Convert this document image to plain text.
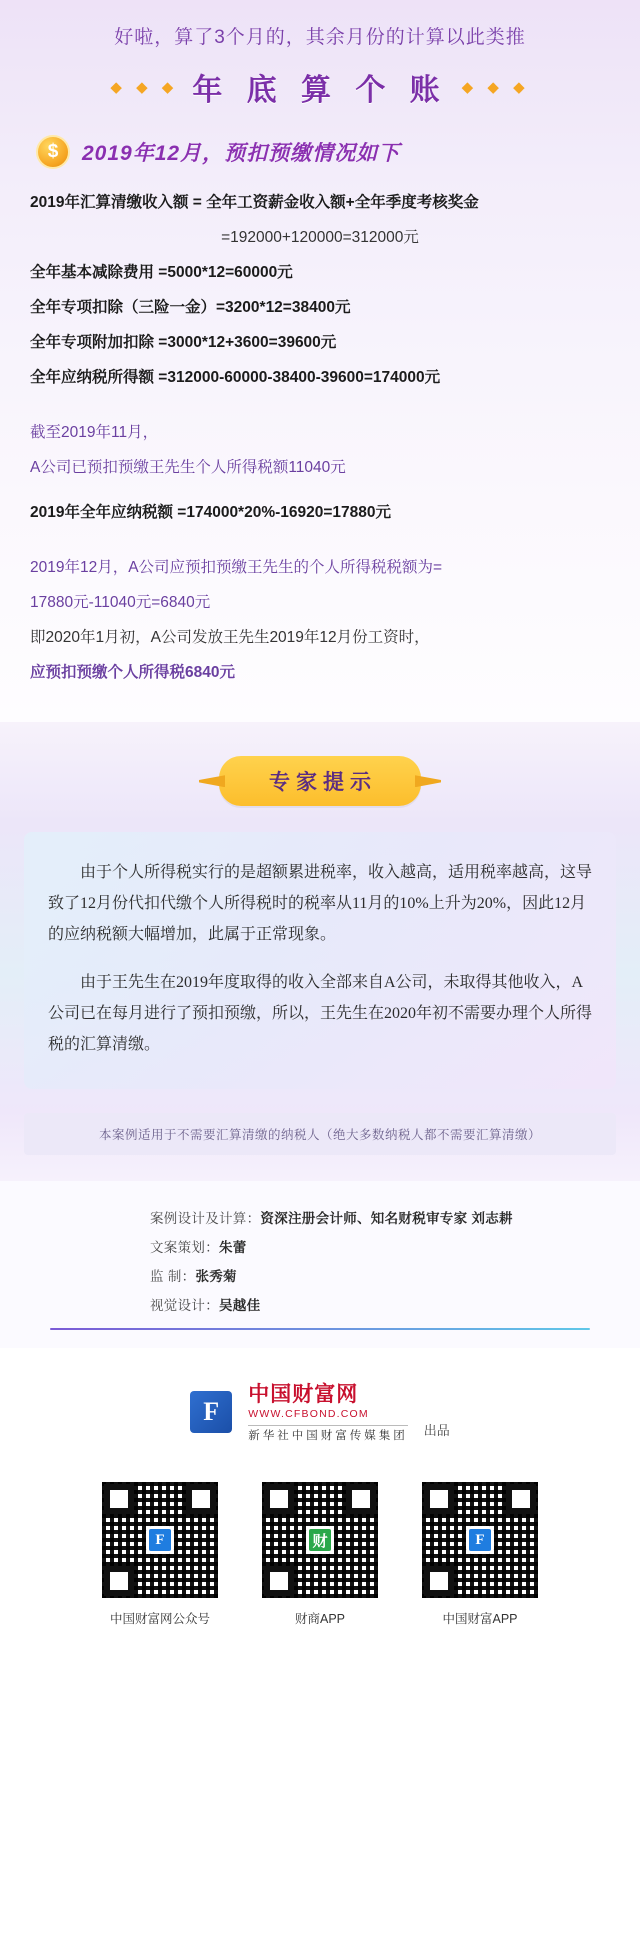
好啦，算了3个月的，其余月份的计算以此类推
◆ ◆ ◆ 年 底 算 个 账 ◆ ◆ ◆
$	2019年12月，预扣预缴情况如下
2019年汇算清缴收入额 = 全年工资薪金收入额+全年季度考核奖金
=192000+120000=312000元
全年基本减除费用 =5000*12=60000元
全年专项扣除（三险一金）=3200*12=38400元
全年专项附加扣除 =3000*12+3600=39600元
全年应纳税所得额 =312000-60000-38400-39600=174000元
截至2019年11月，
A公司已预扣预缴王先生个人所得税额11040元
2019年全年应纳税额 =174000*20%-16920=17880元
2019年12月，A公司应预扣预缴王先生的个人所得税税额为=
17880元-11040元=6840元
即2020年1月初，A公司发放王先生2019年12月份工资时，
应预扣预缴个人所得税6840元
专家提示

由于个人所得税实行的是超额累进税率，收入越高，适用税率越高，这导致了12月份代扣代缴个人所得税时的税率从11月的10%上升为20%，因此12月的应纳税额大幅增加，此属于正常现象。

由于王先生在2019年度取得的收入全部来自A公司，未取得其他收入，A公司已在每月进行了预扣预缴，所以，王先生在2020年初不需要办理个人所得税的汇算清缴。

本案例适用于不需要汇算清缴的纳税人（绝大多数纳税人都不需要汇算清缴）
案例设计及计算：资深注册会计师、知名财税审专家 刘志耕
文案策划：朱蕾
监 制：张秀菊
视觉设计：吴越佳
F
中国财富网
WWW.CFBOND.COM
新华社中国财富传媒集团 出品
F
中国财富网公众号
财
财商APP
F
中国财富APP
